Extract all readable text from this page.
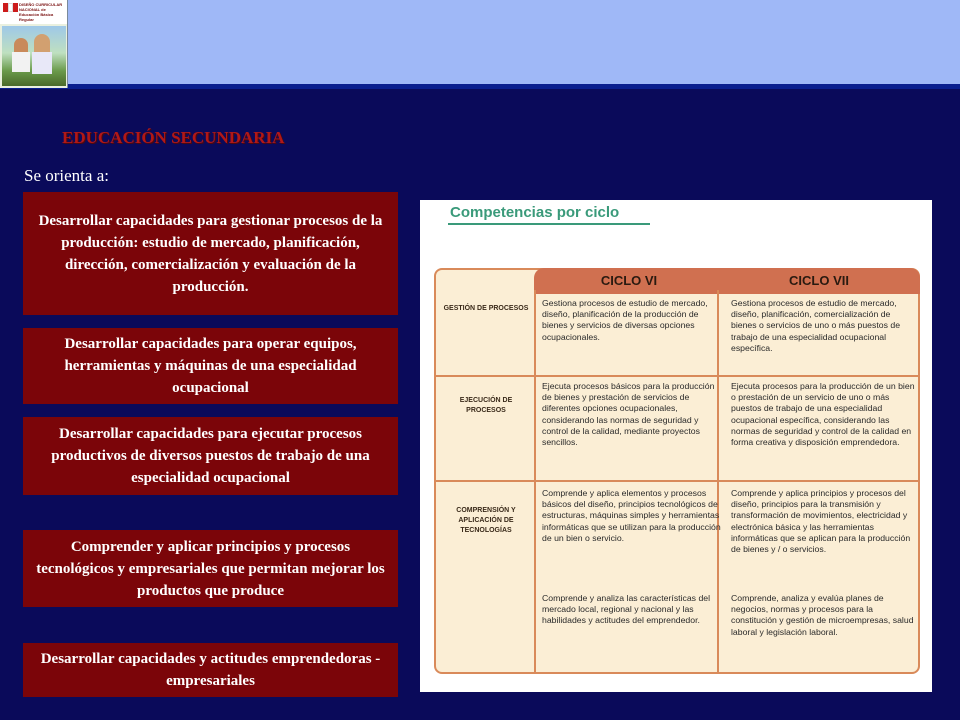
DISEÑO CURRICULAR NACIONAL de Educación Básica Regular
EDUCACIÓN SECUNDARIA
Se orienta a:
Desarrollar capacidades para gestionar procesos de la producción: estudio de mercado, planificación, dirección, comercialización y evaluación de la producción.
Desarrollar capacidades para operar equipos, herramientas y máquinas de una especialidad ocupacional
Desarrollar capacidades para ejecutar procesos productivos de diversos puestos de trabajo de una especialidad ocupacional
Comprender y aplicar principios y procesos tecnológicos y empresariales que permitan mejorar los productos que produce
Desarrollar capacidades y actitudes emprendedoras - empresariales
Competencias por ciclo
CICLO VI	CICLO VII
GESTIÓN DE PROCESOS
Gestiona procesos de estudio de mercado, diseño, planificación de la producción de bienes y servicios de diversas opciones ocupacionales.
Gestiona procesos de estudio de mercado, diseño, planificación, comercialización de bienes o servicios de uno o más puestos de trabajo de una especialidad ocupacional específica.
EJECUCIÓN DE PROCESOS
Ejecuta procesos básicos para la producción de bienes y prestación de servicios de diferentes opciones ocupacionales, considerando las normas de seguridad y control de la calidad, mediante proyectos sencillos.
Ejecuta procesos para la producción de un bien o prestación de un servicio de uno o más puestos de trabajo de una especialidad ocupacional específica, considerando las normas de seguridad y control de la calidad en forma creativa y disposición emprendedora.
COMPRENSIÓN Y APLICACIÓN DE TECNOLOGÍAS
Comprende y aplica elementos y procesos básicos del diseño, principios tecnológicos de estructuras, máquinas simples y herramientas informáticas que se utilizan para la producción de un bien o servicio.
Comprende y analiza las características del mercado local, regional y nacional y las habilidades y actitudes del emprendedor.
Comprende y aplica principios y procesos del diseño, principios para la transmisión y transformación de movimientos, electricidad y electrónica básica y las herramientas informáticas que se aplican para la producción de bienes y / o servicios.
Comprende, analiza y evalúa planes de negocios, normas y procesos para la constitución y gestión de microempresas, salud laboral y legislación laboral.
